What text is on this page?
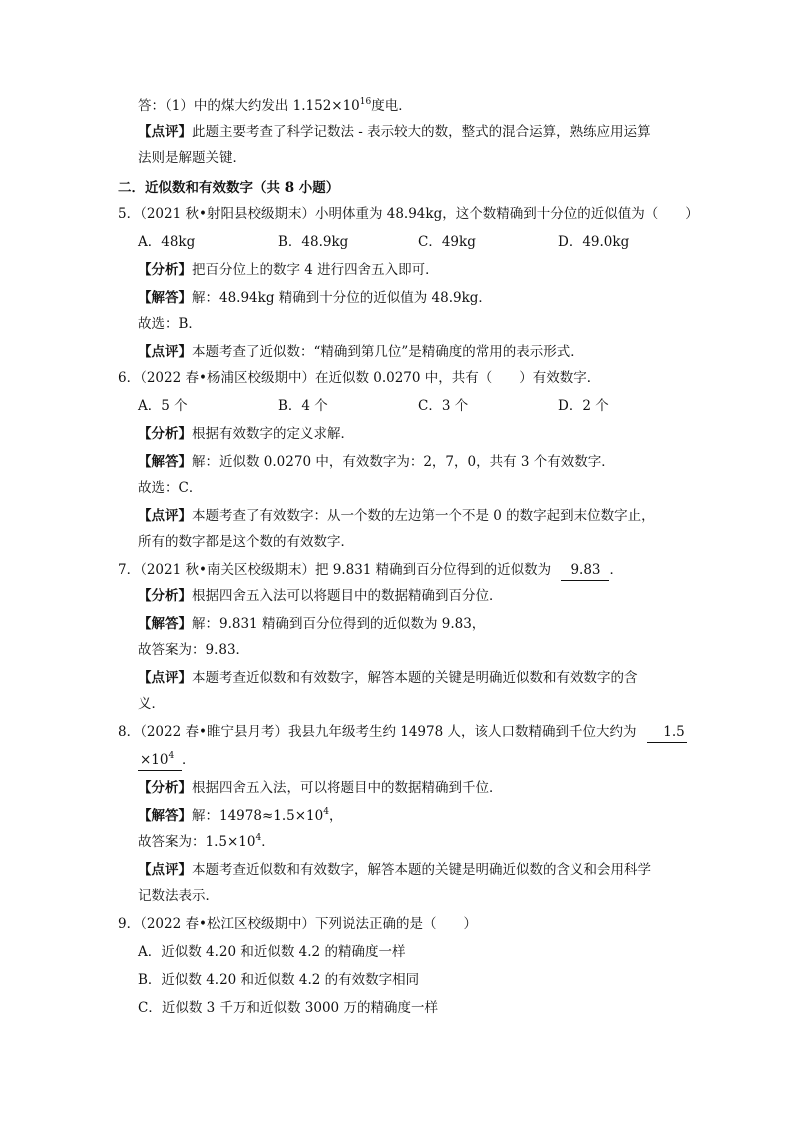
答：（1）中的煤大约发出 $1.152\times 10^{16}$度电．
【点评】此题主要考查了科学记数法 - 表示较大的数，整式的混合运算，熟练应用运算
法则是解题关键．
二．近似数和有效数字（共 8 小题）
5．（2021 秋•射阳县校级期末）小明体重为 48.94kg，这个数精确到十分位的近似值为（　　）
A．48kg	B．48.9kg	C．49kg	D．49.0kg
【分析】把百分位上的数字 4 进行四舍五入即可．
【解答】解：48.94kg 精确到十分位的近似值为 48.9kg．
故选：B．
【点评】本题考查了近似数：“精确到第几位”是精确度的常用的表示形式．
6．（2022 春•杨浦区校级期中）在近似数 0.0270 中，共有（　　）有效数字．
A．5 个	B．4 个	C．3 个	D．2 个
【分析】根据有效数字的定义求解．
【解答】解：近似数 0.0270 中，有效数字为：2，7，0，共有 3 个有效数字．
故选：C．
【点评】本题考查了有效数字：从一个数的左边第一个不是 0 的数字起到末位数字止，
所有的数字都是这个数的有效数字．
7．（2021 秋•南关区校级期末）把 9.831 精确到百分位得到的近似数为 9.83 ．
【分析】根据四舍五入法可以将题目中的数据精确到百分位．
【解答】解：9.831 精确到百分位得到的近似数为 9.83，
故答案为：9.83．
【点评】本题考查近似数和有效数字，解答本题的关键是明确近似数和有效数字的含
义．
8．（2022 春•睢宁县月考）我县九年级考生约 14978 人，该人口数精确到千位大约为 1.5
$\times 10^4$ ．
【分析】根据四舍五入法，可以将题目中的数据精确到千位．
【解答】解：$14978\approx 1.5\times 10^4$，
故答案为：$1.5\times 10^4$．
【点评】本题考查近似数和有效数字，解答本题的关键是明确近似数的含义和会用科学
记数法表示．
9．（2022 春•松江区校级期中）下列说法正确的是（　　）
A．近似数 4.20 和近似数 4.2 的精确度一样
B．近似数 4.20 和近似数 4.2 的有效数字相同
C．近似数 3 千万和近似数 3000 万的精确度一样
